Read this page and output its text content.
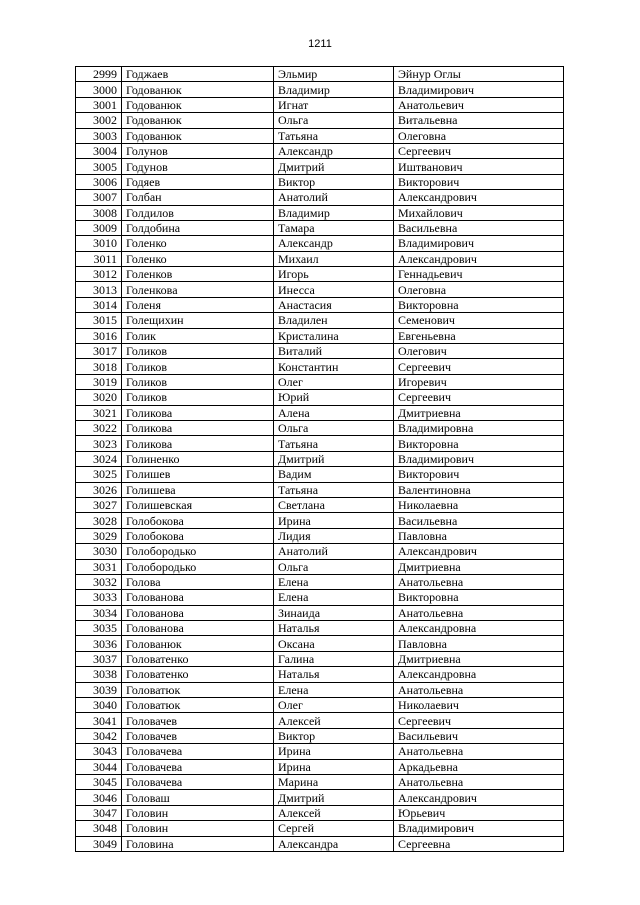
1211
2999	Годжаев	Эльмир	Эйнур Оглы
3000	Годованюк	Владимир	Владимирович
3001	Годованюк	Игнат	Анатольевич
3002	Годованюк	Ольга	Витальевна
3003	Годованюк	Татьяна	Олеговна
3004	Голунов	Александр	Сергеевич
3005	Годунов	Дмитрий	Иштванович
3006	Годяев	Виктор	Викторович
3007	Голбан	Анатолий	Александрович
3008	Голдилов	Владимир	Михайлович
3009	Голдобина	Тамара	Васильевна
3010	Голенко	Александр	Владимирович
3011	Голенко	Михаил	Александрович
3012	Голенков	Игорь	Геннадьевич
3013	Голенкова	Инесса	Олеговна
3014	Голеня	Анастасия	Викторовна
3015	Голещихин	Владилен	Семенович
3016	Голик	Кристалина	Евгеньевна
3017	Голиков	Виталий	Олегович
3018	Голиков	Константин	Сергеевич
3019	Голиков	Олег	Игоревич
3020	Голиков	Юрий	Сергеевич
3021	Голикова	Алена	Дмитриевна
3022	Голикова	Ольга	Владимировна
3023	Голикова	Татьяна	Викторовна
3024	Голиненко	Дмитрий	Владимирович
3025	Голишев	Вадим	Викторович
3026	Голишева	Татьяна	Валентиновна
3027	Голишевская	Светлана	Николаевна
3028	Голобокова	Ирина	Васильевна
3029	Голобокова	Лидия	Павловна
3030	Голобородько	Анатолий	Александрович
3031	Голобородько	Ольга	Дмитриевна
3032	Голова	Елена	Анатольевна
3033	Голованова	Елена	Викторовна
3034	Голованова	Зинаида	Анатольевна
3035	Голованова	Наталья	Александровна
3036	Голованюк	Оксана	Павловна
3037	Головатенко	Галина	Дмитриевна
3038	Головатенко	Наталья	Александровна
3039	Головатюк	Елена	Анатольевна
3040	Головатюк	Олег	Николаевич
3041	Головачев	Алексей	Сергеевич
3042	Головачев	Виктор	Васильевич
3043	Головачева	Ирина	Анатольевна
3044	Головачева	Ирина	Аркадьевна
3045	Головачева	Марина	Анатольевна
3046	Головаш	Дмитрий	Александрович
3047	Головин	Алексей	Юрьевич
3048	Головин	Сергей	Владимирович
3049	Головина	Александра	Сергеевна
